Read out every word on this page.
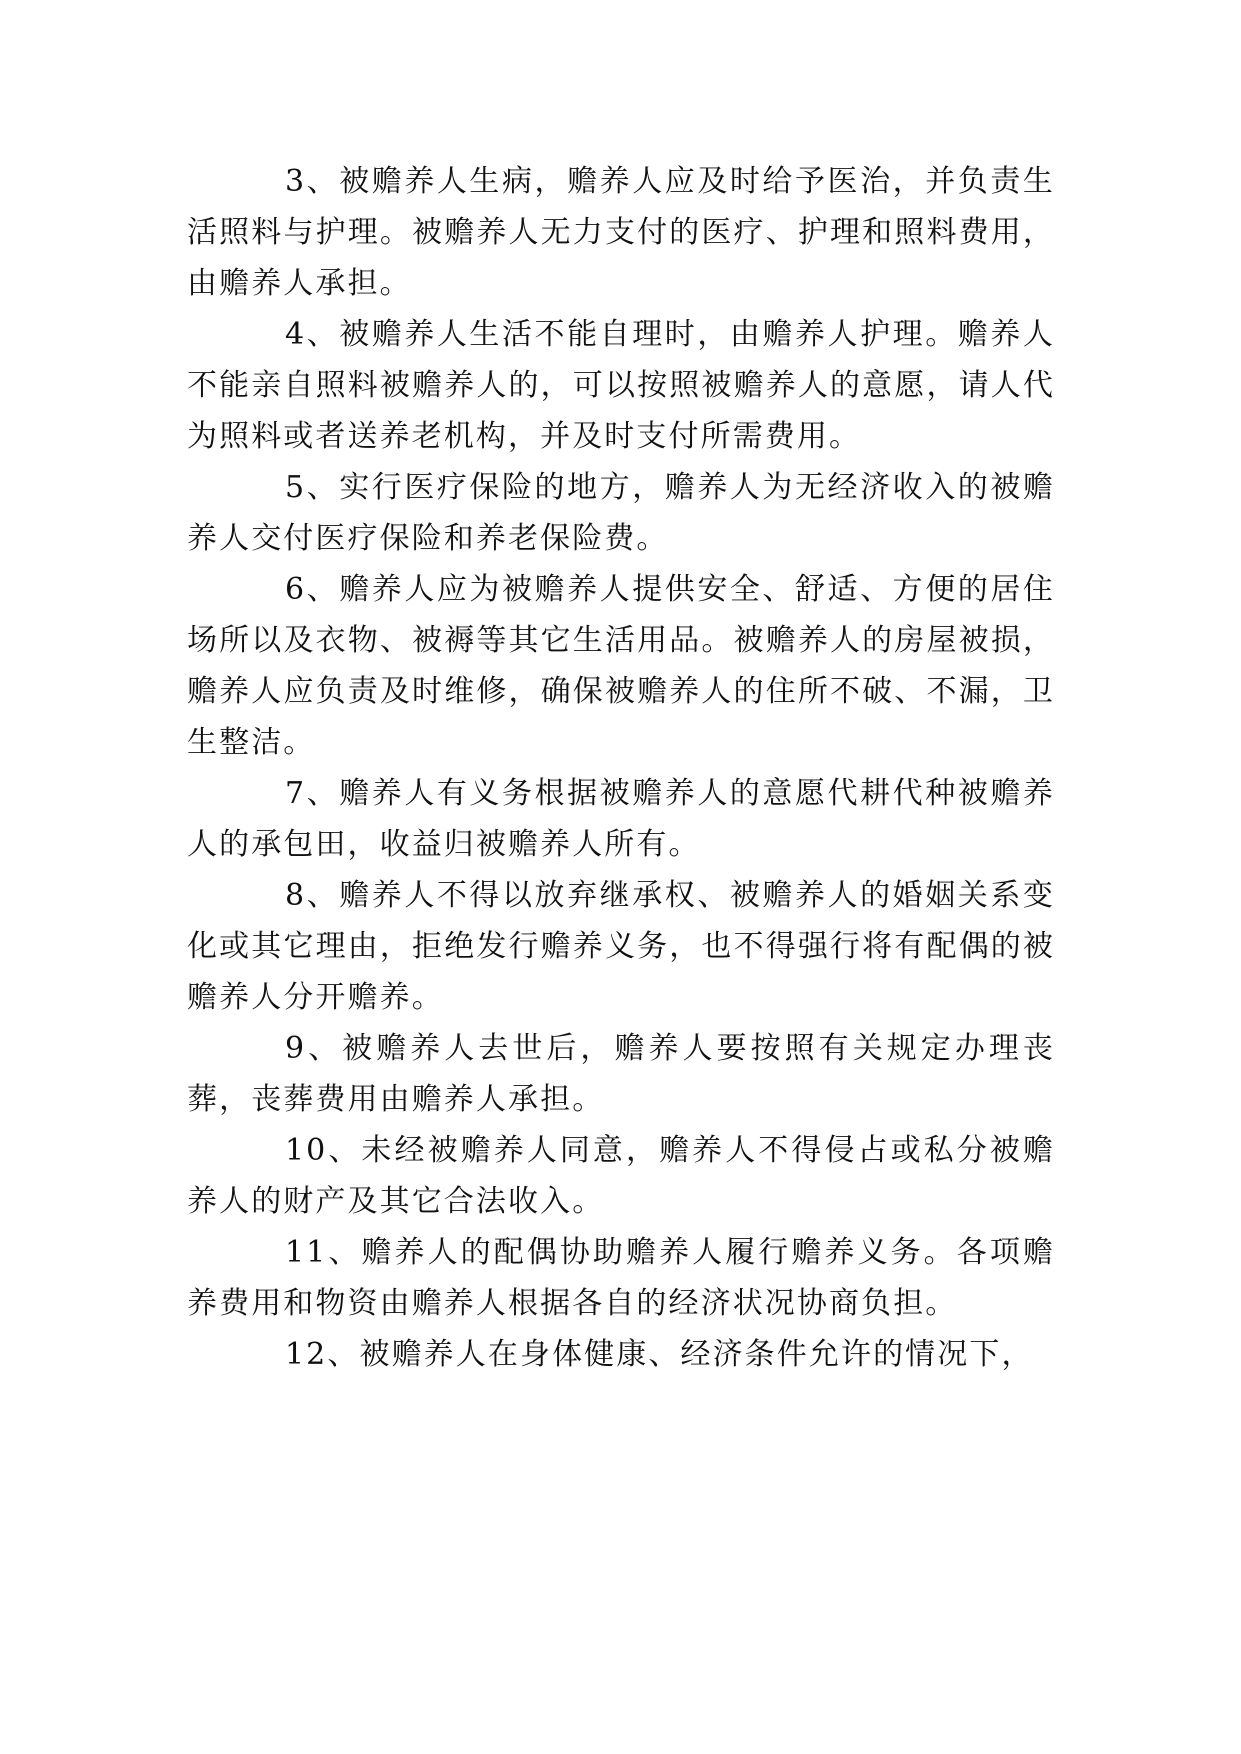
3、被赡养人生病，赡养人应及时给予医治，并负责生活照料与护理。被赡养人无力支付的医疗、护理和照料费用，由赡养人承担。

4、被赡养人生活不能自理时，由赡养人护理。赡养人不能亲自照料被赡养人的，可以按照被赡养人的意愿，请人代为照料或者送养老机构，并及时支付所需费用。

5、实行医疗保险的地方，赡养人为无经济收入的被赡养人交付医疗保险和养老保险费。

6、赡养人应为被赡养人提供安全、舒适、方便的居住场所以及衣物、被褥等其它生活用品。被赡养人的房屋被损，赡养人应负责及时维修，确保被赡养人的住所不破、不漏，卫生整洁。

7、赡养人有义务根据被赡养人的意愿代耕代种被赡养人的承包田，收益归被赡养人所有。

8、赡养人不得以放弃继承权、被赡养人的婚姻关系变化或其它理由，拒绝发行赡养义务，也不得强行将有配偶的被赡养人分开赡养。

9、被赡养人去世后，赡养人要按照有关规定办理丧葬，丧葬费用由赡养人承担。

10、未经被赡养人同意，赡养人不得侵占或私分被赡养人的财产及其它合法收入。

11、赡养人的配偶协助赡养人履行赡养义务。各项赡养费用和物资由赡养人根据各自的经济状况协商负担。

12、被赡养人在身体健康、经济条件允许的情况下，
